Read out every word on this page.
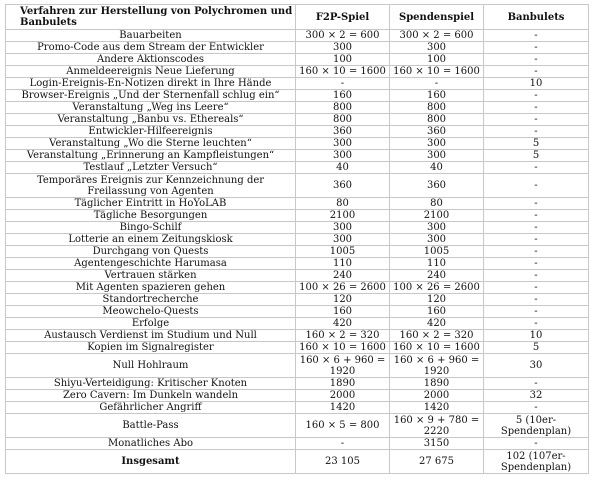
Verfahren zur Herstellung von Polychromen und Banbulets	F2P-Spiel	Spendenspiel	Banbulets
Bauarbeiten	300 × 2 = 600	300 × 2 = 600	-
Promo-Code aus dem Stream der Entwickler	300	300	-
Andere Aktionscodes	100	100	-
Anmeldeereignis Neue Lieferung	160 × 10 = 1600	160 × 10 = 1600	-
Login-Ereignis-En-Notizen direkt in Ihre Hände	-	-	10
Browser-Ereignis „Und der Sternenfall schlug ein“	160	160	-
Veranstaltung „Weg ins Leere“	800	800	-
Veranstaltung „Banbu vs. Ethereals“	800	800	-
Entwickler-Hilfeereignis	360	360	-
Veranstaltung „Wo die Sterne leuchten“	300	300	5
Veranstaltung „Erinnerung an Kampfleistungen“	300	300	5
Testlauf „Letzter Versuch“	40	40	-
Temporäres Ereignis zur Kennzeichnung der Freilassung von Agenten	360	360	-
Täglicher Eintritt in HoYoLAB	80	80	-
Tägliche Besorgungen	2100	2100	-
Bingo-Schilf	300	300	-
Lotterie an einem Zeitungskiosk	300	300	-
Durchgang von Quests	1005	1005	-
Agentengeschichte Harumasa	110	110	-
Vertrauen stärken	240	240	-
Mit Agenten spazieren gehen	100 × 26 = 2600	100 × 26 = 2600	-
Standortrecherche	120	120	-
Meowchelo-Quests	160	160	-
Erfolge	420	420	-
Austausch Verdienst im Studium und Null	160 × 2 = 320	160 × 2 = 320	10
Kopien im Signalregister	160 × 10 = 1600	160 × 10 = 1600	5
Null Hohlraum	160 × 6 + 960 = 1920	160 × 6 + 960 = 1920	30
Shiyu-Verteidigung: Kritischer Knoten	1890	1890	-
Zero Cavern: Im Dunkeln wandeln	2000	2000	32
Gefährlicher Angriff	1420	1420	-
Battle-Pass	160 × 5 = 800	160 × 9 + 780 = 2220	5 (10er-Spendenplan)
Monatliches Abo	-	3150	-
Insgesamt	23 105	27 675	102 (107er-Spendenplan)
